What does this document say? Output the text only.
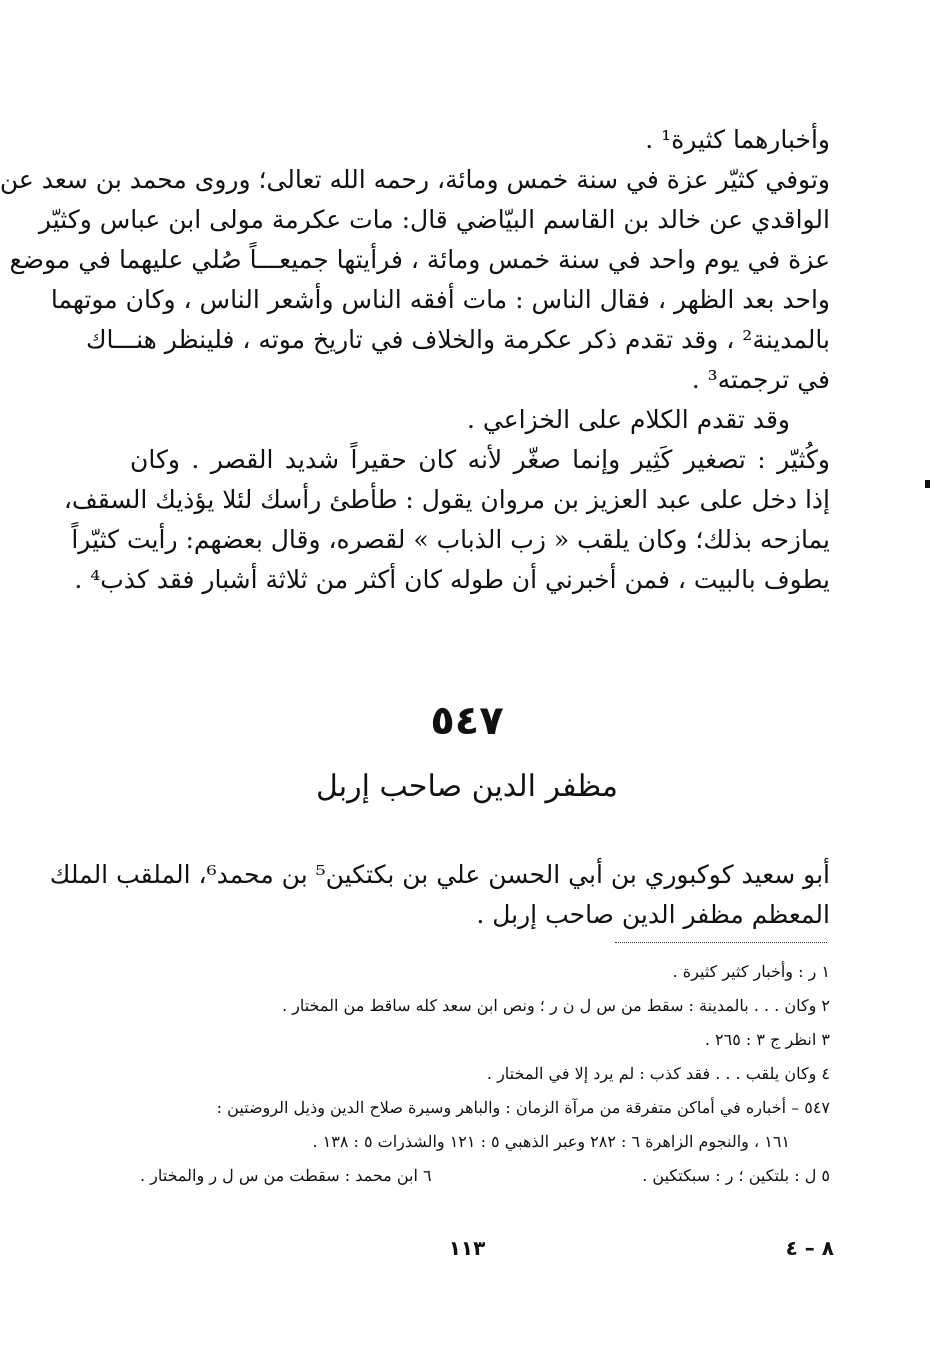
وأخبارهما كثيرة¹ .
وتوفي كثيّر عزة في سنة خمس ومائة، رحمه الله تعالى؛ وروى محمد بن سعد عن
الواقدي عن خالد بن القاسم البيّاضي قال: مات عكرمة مولى ابن عباس وكثيّر
عزة في يوم واحد في سنة خمس ومائة ، فرأيتها جميعـــاً صُلي عليهما في موضع
واحد بعد الظهر ، فقال الناس : مات أفقه الناس وأشعر الناس ، وكان موتهما
بالمدينة² ، وقد تقدم ذكر عكرمة والخلاف في تاريخ موته ، فلينظر هنـــاك
في ترجمته³ .
وقد تقدم الكلام على الخزاعي .
وكُثيّر : تصغير كَثِير وإنما صغّر لأنه كان حقيراً شديد القصر . وكان
إذا دخل على عبد العزيز بن مروان يقول : طأطئ رأسك لئلا يؤذيك السقف،
يمازحه بذلك؛ وكان يلقب « زب الذباب » لقصره، وقال بعضهم: رأيت كثيّراً
يطوف بالبيت ، فمن أخبرني أن طوله كان أكثر من ثلاثة أشبار فقد كذب⁴ .
٥٤٧
مظفر الدين صاحب إربل
أبو سعيد كوكبوري بن أبي الحسن علي بن بكتكين⁵ بن محمد⁶، الملقب الملك
المعظم مظفر الدين صاحب إربل .
١ ر : وأخبار كثير كثيرة .
٢ وكان . . . بالمدينة : سقط من س ل ن ر ؛ ونص ابن سعد كله ساقط من المختار .
٣ انظر ج ٣ : ٢٦٥ .
٤ وكان يلقب . . . فقد كذب : لم يرد إلا في المختار .
٥٤٧ – أخباره في أماكن متفرقة من مرآة الزمان : والباهر وسيرة صلاح الدين وذيل الروضتين :
١٦١ ، والنجوم الزاهرة ٦ : ٢٨٢ وعبر الذهبي ٥ : ١٢١ والشذرات ٥ : ١٣٨ .
٥ ل : بلتكين ؛ ر : سبكتكين .
٦ ابن محمد : سقطت من س ل ر والمختار .
١١٣	٨ – ٤
